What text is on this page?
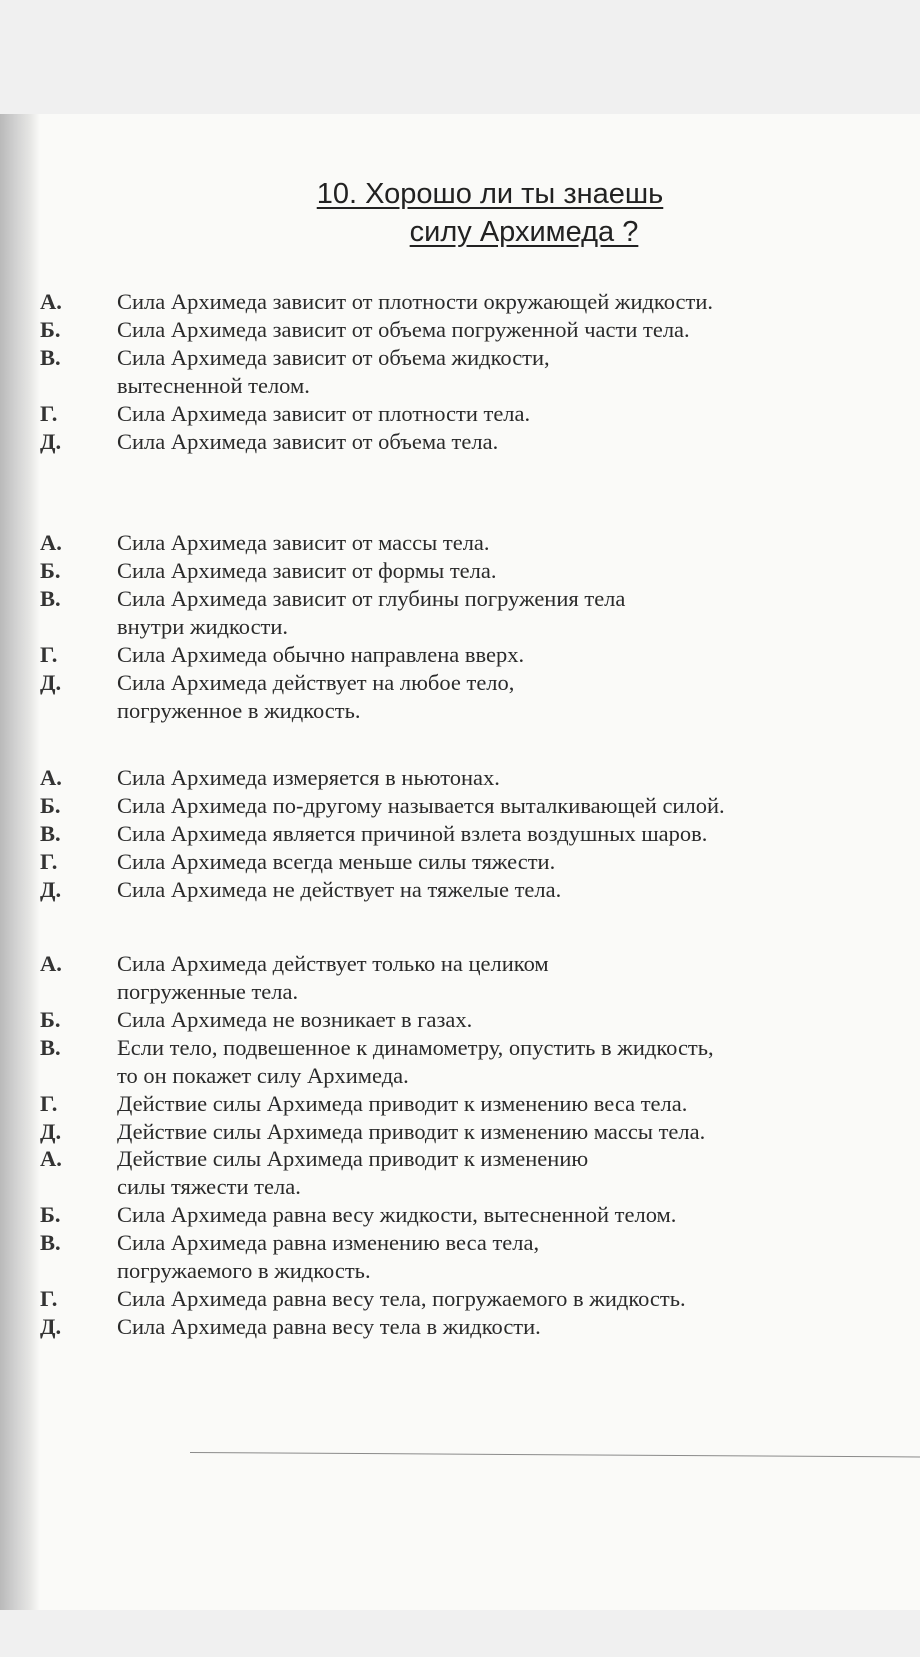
10. Хорошо ли ты знаешь
силу Архимеда ?
А. Сила Архимеда зависит от плотности окружающей жидкости.
Б.	Сила Архимеда зависит от объема погруженной части тела.
В.	Сила Архимеда зависит от объема жидкости,
вытесненной телом.
Г.	Сила Архимеда зависит от плотности тела.
Д. Сила Архимеда зависит от объема тела.
А. Сила Архимеда зависит от массы тела.
Б.	Сила Архимеда зависит от формы тела.
В.	Сила Архимеда зависит от глубины погружения тела
внутри жидкости.
Г.	Сила Архимеда обычно направлена вверх.
Д. Сила Архимеда действует на любое тело,
погруженное в жидкость.
А. Сила Архимеда измеряется в ньютонах.
Б.	Сила Архимеда по-другому называется выталкивающей силой.
В.	Сила Архимеда является причиной взлета воздушных шаров.
Г.	Сила Архимеда всегда меньше силы тяжести.
Д. Сила Архимеда не действует на тяжелые тела.
А. Сила Архимеда действует только на целиком
погруженные тела.
Б.	Сила Архимеда не возникает в газах.
В.	Если тело, подвешенное к динамометру, опустить в жидкость,
то он покажет силу Архимеда.
Г.	Действие силы Архимеда приводит к изменению веса тела.
Д. Действие силы Архимеда приводит к изменению массы тела.
А. Действие силы Архимеда приводит к изменению
силы тяжести тела.
Б.	Сила Архимеда равна весу жидкости, вытесненной телом.
В.	Сила Архимеда равна изменению веса тела,
погружаемого в жидкость.
Г.	Сила Архимеда равна весу тела, погружаемого в жидкость.
Д. Сила Архимеда равна весу тела в жидкости.
